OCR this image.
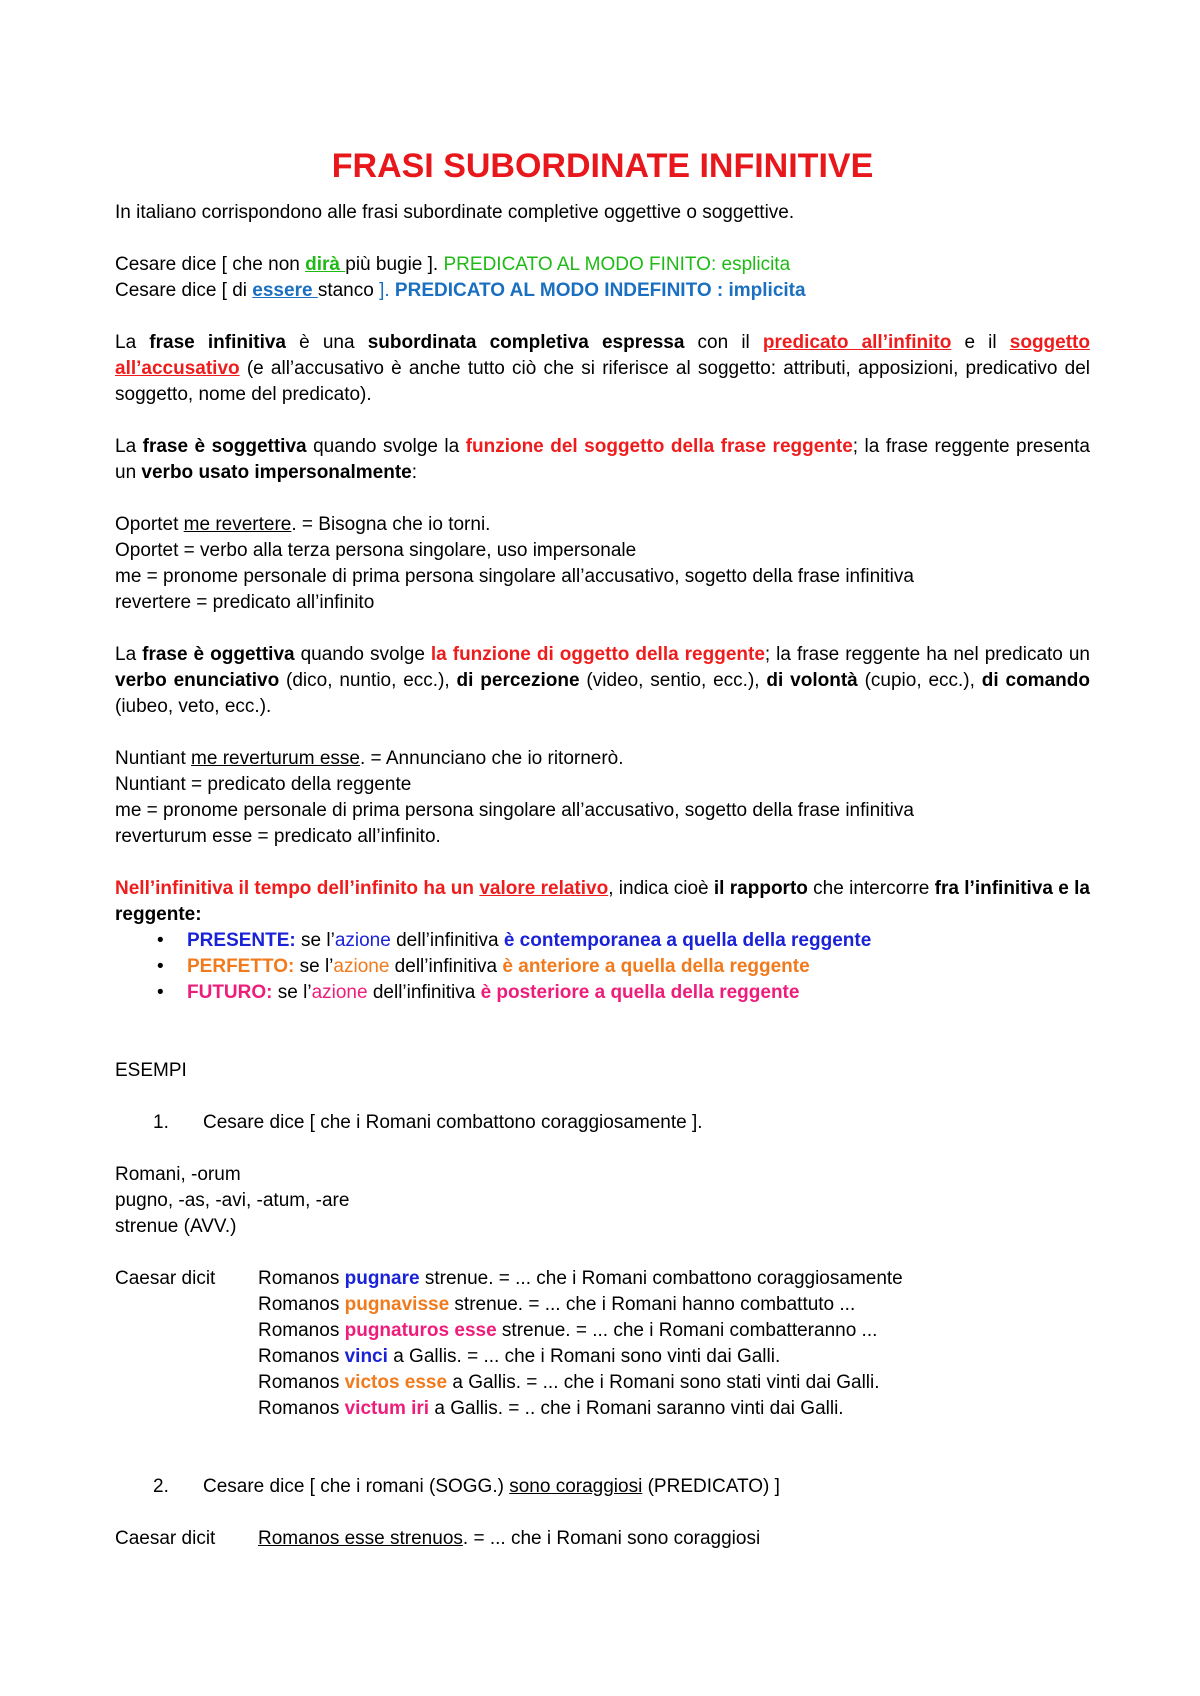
FRASI SUBORDINATE INFINITIVE

In italiano corrispondono alle frasi subordinate completive oggettive o soggettive.

Cesare dice [ che non dirà più bugie ]. PREDICATO AL MODO FINITO: esplicita

Cesare dice [ di essere stanco ]. PREDICATO AL MODO INDEFINITO : implicita

La frase infinitiva è una subordinata completiva espressa con il predicato all’infinito e il soggetto all’accusativo (e all’accusativo è anche tutto ciò che si riferisce al soggetto: attributi, apposizioni, predicativo del soggetto, nome del predicato).

La frase è soggettiva quando svolge la funzione del soggetto della frase reggente; la frase reggente presenta un verbo usato impersonalmente:

Oportet me revertere. = Bisogna che io torni.

Oportet = verbo alla terza persona singolare, uso impersonale

me = pronome personale di prima persona singolare all’accusativo, sogetto della frase infinitiva

revertere = predicato all’infinito

La frase è oggettiva quando svolge la funzione di oggetto della reggente; la frase reggente ha nel predicato un verbo enunciativo (dico, nuntio, ecc.), di percezione (video, sentio, ecc.), di volontà (cupio, ecc.), di comando (iubeo, veto, ecc.).

Nuntiant me reverturum esse. = Annunciano che io ritornerò.

Nuntiant = predicato della reggente

me = pronome personale di prima persona singolare all’accusativo, sogetto della frase infinitiva

reverturum esse = predicato all’infinito.

Nell’infinitiva il tempo dell’infinito ha un valore relativo, indica cioè il rapporto che intercorre fra l’infinitiva e la reggente:

• PRESENTE: se l’azione dell’infinitiva è contemporanea a quella della reggente
• PERFETTO: se l’azione dell’infinitiva è anteriore a quella della reggente
• FUTURO: se l’azione dell’infinitiva è posteriore a quella della reggente

ESEMPI

1. Cesare dice [ che i Romani combattono coraggiosamente ].

Romani, -orum

pugno, -as, -avi, -atum, -are

strenue (AVV.)

Caesar dicit	Romanos pugnare strenue. = ... che i Romani combattono coraggiosamente
Romanos pugnavisse strenue. = ... che i Romani hanno combattuto ...
Romanos pugnaturos esse strenue. = ... che i Romani combatteranno ...
Romanos vinci a Gallis. = ... che i Romani sono vinti dai Galli.
Romanos victos esse a Gallis. = ... che i Romani sono stati vinti dai Galli.
Romanos victum iri a Gallis. = .. che i Romani saranno vinti dai Galli.

2. Cesare dice [ che i romani (SOGG.) sono coraggiosi (PREDICATO) ]

Caesar dicit	Romanos esse strenuos. = ... che i Romani sono coraggiosi
